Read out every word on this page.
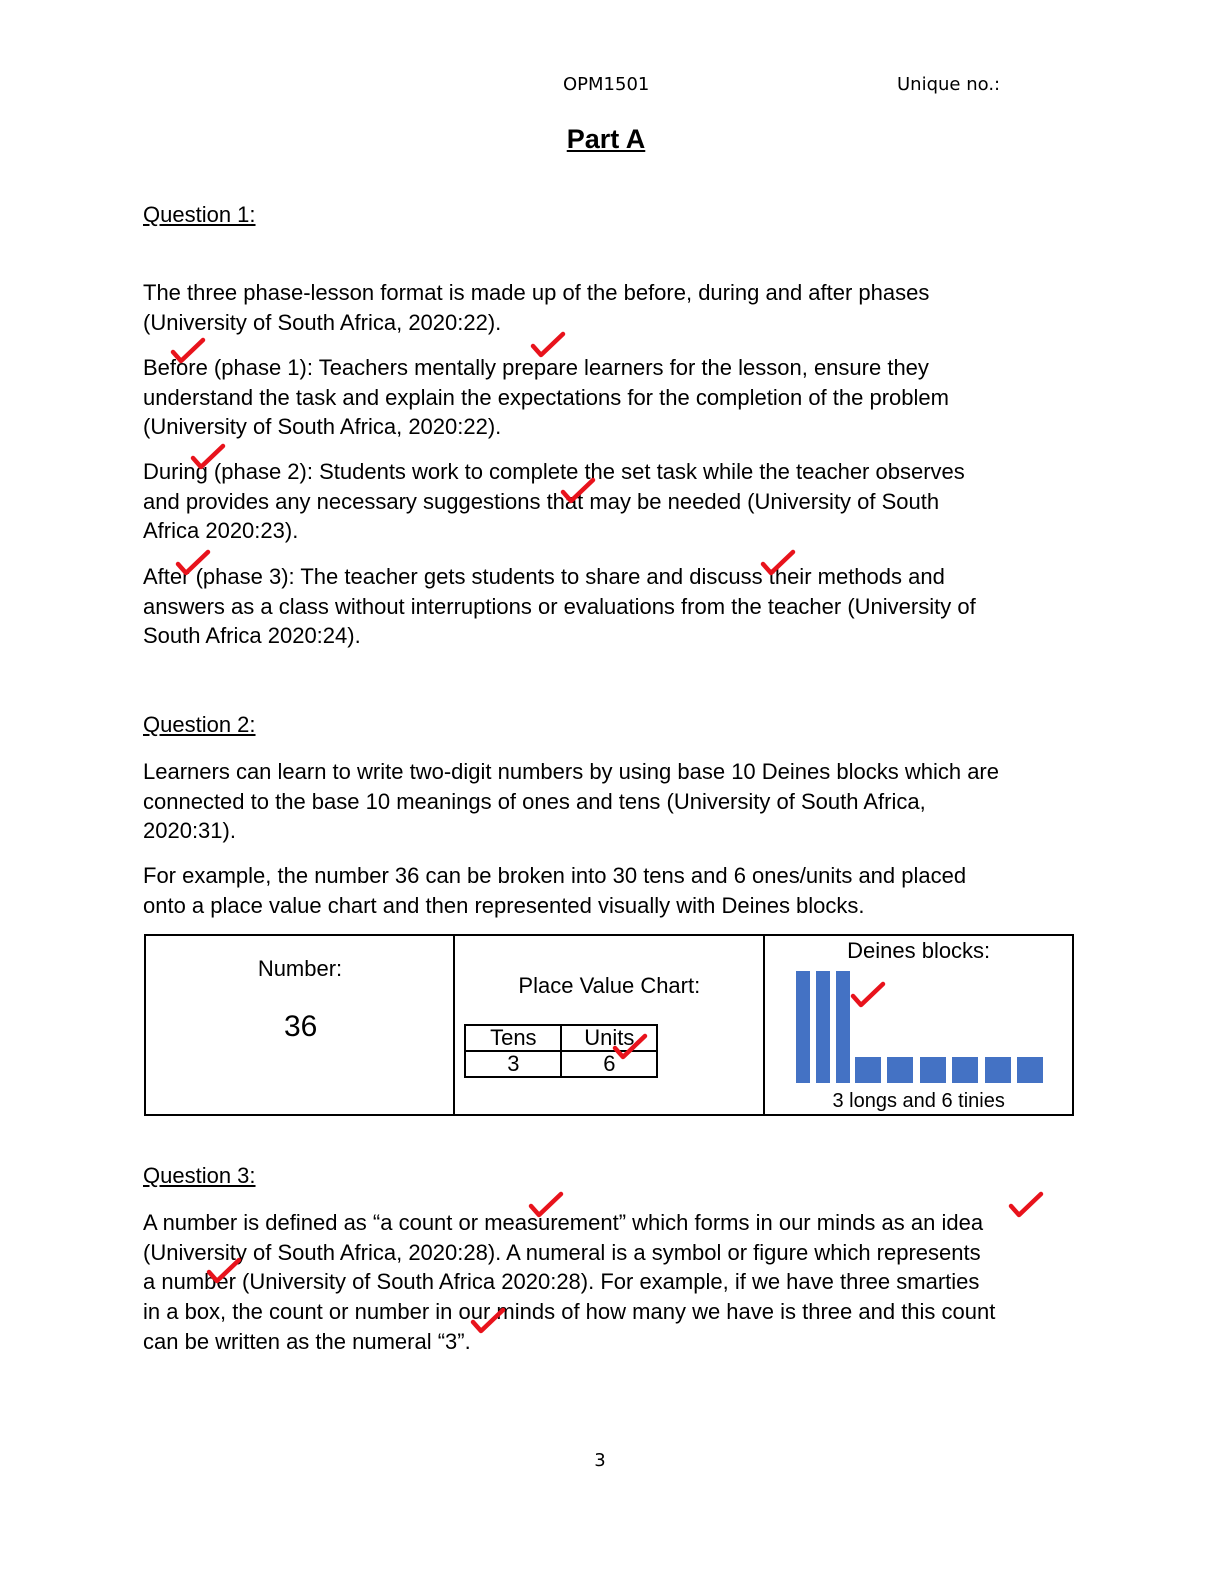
OPM1501	Unique no.:
Part A
Question 1:
The three phase-lesson format is made up of the before, during and after phases
(University of South Africa, 2020:22).
Before (phase 1): Teachers mentally prepare learners for the lesson, ensure they
understand the task and explain the expectations for the completion of the problem
(University of South Africa, 2020:22).
During (phase 2): Students work to complete the set task while the teacher observes
and provides any necessary suggestions that may be needed (University of South
Africa 2020:23).
After (phase 3): The teacher gets students to share and discuss their methods and
answers as a class without interruptions or evaluations from the teacher (University of
South Africa 2020:24).
Question 2:
Learners can learn to write two-digit numbers by using base 10 Deines blocks which are
connected to the base 10 meanings of ones and tens (University of South Africa,
2020:31).
For example, the number 36 can be broken into 30 tens and 6 ones/units and placed
onto a place value chart and then represented visually with Deines blocks.
Number:
36

Place Value Chart:
Tens	Units
3	6

Deines blocks:
3 longs and 6 tinies
Question 3:
A number is defined as “a count or measurement” which forms in our minds as an idea
(University of South Africa, 2020:28). A numeral is a symbol or figure which represents
a number (University of South Africa 2020:28). For example, if we have three smarties
in a box, the count or number in our minds of how many we have is three and this count
can be written as the numeral “3”.
3
